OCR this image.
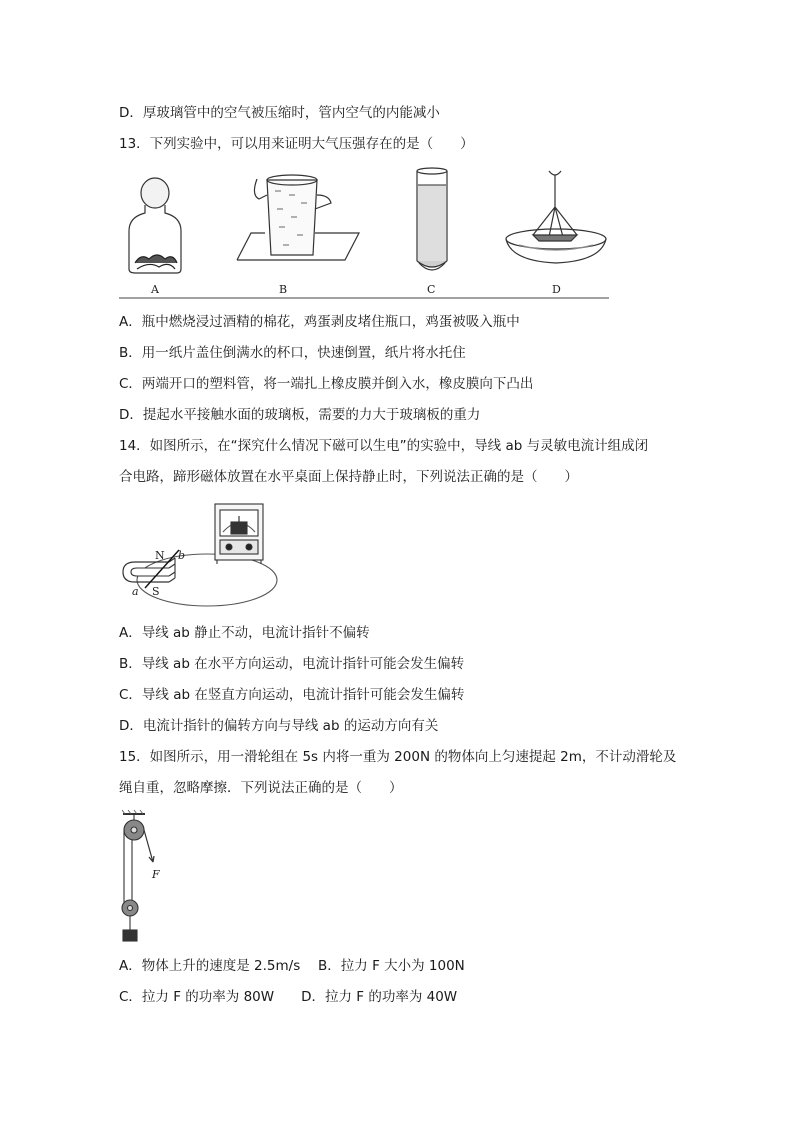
D．厚玻璃管中的空气被压缩时，管内空气的内能减小
13．下列实验中，可以用来证明大气压强存在的是（　　）
A	B	C	D
A．瓶中燃烧浸过酒精的棉花，鸡蛋剥皮堵住瓶口，鸡蛋被吸入瓶中
B．用一纸片盖住倒满水的杯口，快速倒置，纸片将水托住
C．两端开口的塑料管，将一端扎上橡皮膜并倒入水，橡皮膜向下凸出
D．提起水平接触水面的玻璃板，需要的力大于玻璃板的重力
14．如图所示，在“探究什么情况下磁可以生电”的实验中，导线 ab 与灵敏电流计组成闭
合电路，蹄形磁体放置在水平桌面上保持静止时，下列说法正确的是（　　）
N
S
a
b
A．导线 ab 静止不动，电流计指针不偏转
B．导线 ab 在水平方向运动，电流计指针可能会发生偏转
C．导线 ab 在竖直方向运动，电流计指针可能会发生偏转
D．电流计指针的偏转方向与导线 ab 的运动方向有关
15．如图所示，用一滑轮组在 5s 内将一重为 200N 的物体向上匀速提起 2m，不计动滑轮及
绳自重，忽略摩擦．下列说法正确的是（　　）
F
A．物体上升的速度是 2.5m/s　 B．拉力 F 大小为 100N
C．拉力 F 的功率为 80W　　D．拉力 F 的功率为 40W
